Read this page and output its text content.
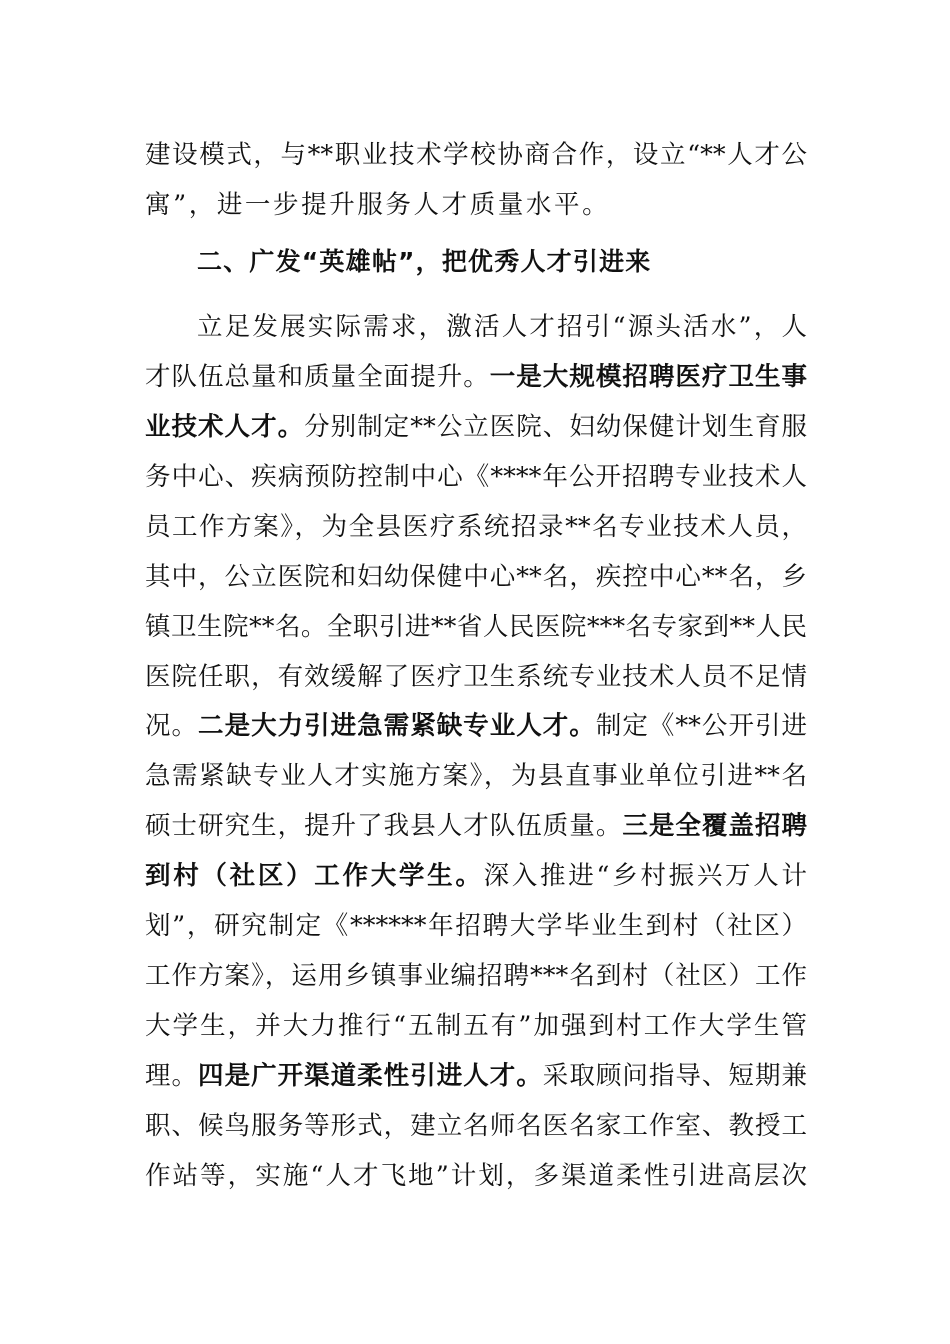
建设模式，与**职业技术学校协商合作，设立“**人才公
寓”，进一步提升服务人才质量水平。
二、广发“英雄帖”，把优秀人才引进来
立足发展实际需求，激活人才招引“源头活水”，人
才队伍总量和质量全面提升。一是大规模招聘医疗卫生事
业技术人才。分别制定**公立医院、妇幼保健计划生育服
务中心、疾病预防控制中心《****年公开招聘专业技术人
员工作方案》，为全县医疗系统招录**名专业技术人员，
其中，公立医院和妇幼保健中心**名，疾控中心**名，乡
镇卫生院**名。全职引进**省人民医院***名专家到**人民
医院任职，有效缓解了医疗卫生系统专业技术人员不足情
况。二是大力引进急需紧缺专业人才。制定《**公开引进
急需紧缺专业人才实施方案》，为县直事业单位引进**名
硕士研究生，提升了我县人才队伍质量。三是全覆盖招聘
到村（社区）工作大学生。深入推进“乡村振兴万人计
划”，研究制定《******年招聘大学毕业生到村（社区）
工作方案》，运用乡镇事业编招聘***名到村（社区）工作
大学生，并大力推行“五制五有”加强到村工作大学生管
理。四是广开渠道柔性引进人才。采取顾问指导、短期兼
职、候鸟服务等形式，建立名师名医名家工作室、教授工
作站等，实施“人才飞地”计划，多渠道柔性引进高层次
